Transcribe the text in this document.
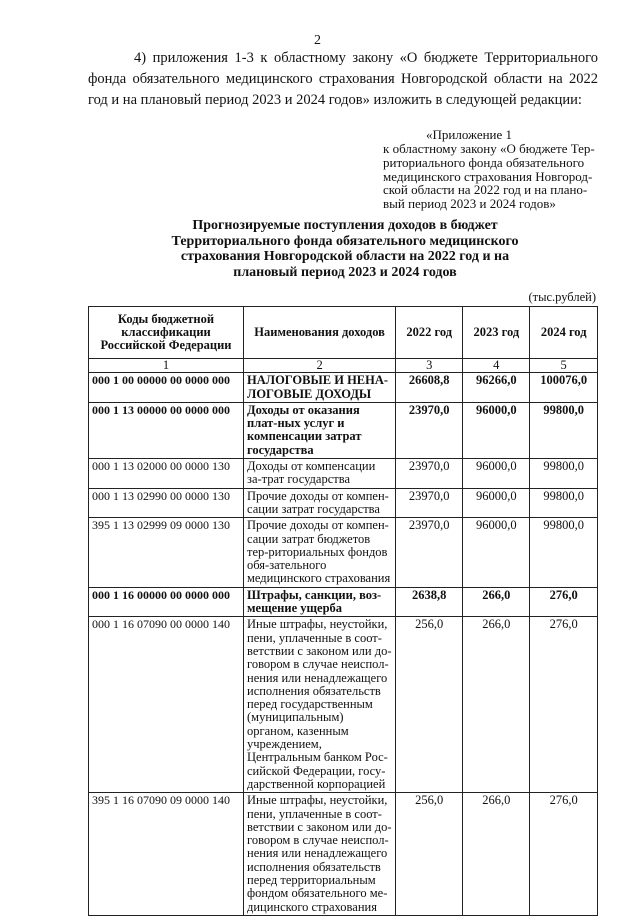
2

4) приложения 1-3 к областному закону «О бюджете Территориального фонда обязательного медицинского страхования Новгородской области на 2022 год и на плановый период 2023 и 2024 годов» изложить в следующей редакции:

«Приложение 1
к областному закону «О бюджете Тер-
риториального фонда обязательного
медицинского страхования Новгород-
ской области на 2022 год и на плано-
вый период 2023 и 2024 годов»
Прогнозируемые поступления доходов в бюджет Территориального фонда обязательного медицинского страхования Новгородской области на 2022 год и на плановый период 2023 и 2024 годов
(тыс.рублей)
Коды бюджетной классификации Российской Федерации	Наименования доходов	2022 год	2023 год	2024 год
1	2	3	4	5
000 1 00 00000 00 0000 000	НАЛОГОВЫЕ И НЕНА-ЛОГОВЫЕ ДОХОДЫ	26608,8	96266,0	100076,0
000 1 13 00000 00 0000 000	Доходы от оказания плат-ных услуг и компенсации затрат государства	23970,0	96000,0	99800,0
000 1 13 02000 00 0000 130	Доходы от компенсации за-трат государства	23970,0	96000,0	99800,0
000 1 13 02990 00 0000 130	Прочие доходы от компен-сации затрат государства	23970,0	96000,0	99800,0
395 1 13 02999 09 0000 130	Прочие доходы от компен-сации затрат бюджетов тер-риториальных фондов обя-зательного медицинского страхования	23970,0	96000,0	99800,0
000 1 16 00000 00 0000 000	Штрафы, санкции, воз-мещение ущерба	2638,8	266,0	276,0
000 1 16 07090 00 0000 140	Иные штрафы, неустойки, пени, уплаченные в соот-ветствии с законом или до-говором в случае неиспол-нения или ненадлежащего исполнения обязательств перед государственным (муниципальным) органом, казенным учреждением, Центральным банком Рос-сийской Федерации, госу-дарственной корпорацией	256,0	266,0	276,0
395 1 16 07090 09 0000 140	Иные штрафы, неустойки, пени, уплаченные в соот-ветствии с законом или до-говором в случае неиспол-нения или ненадлежащего исполнения обязательств перед территориальным фондом обязательного ме-дицинского страхования	256,0	266,0	276,0
